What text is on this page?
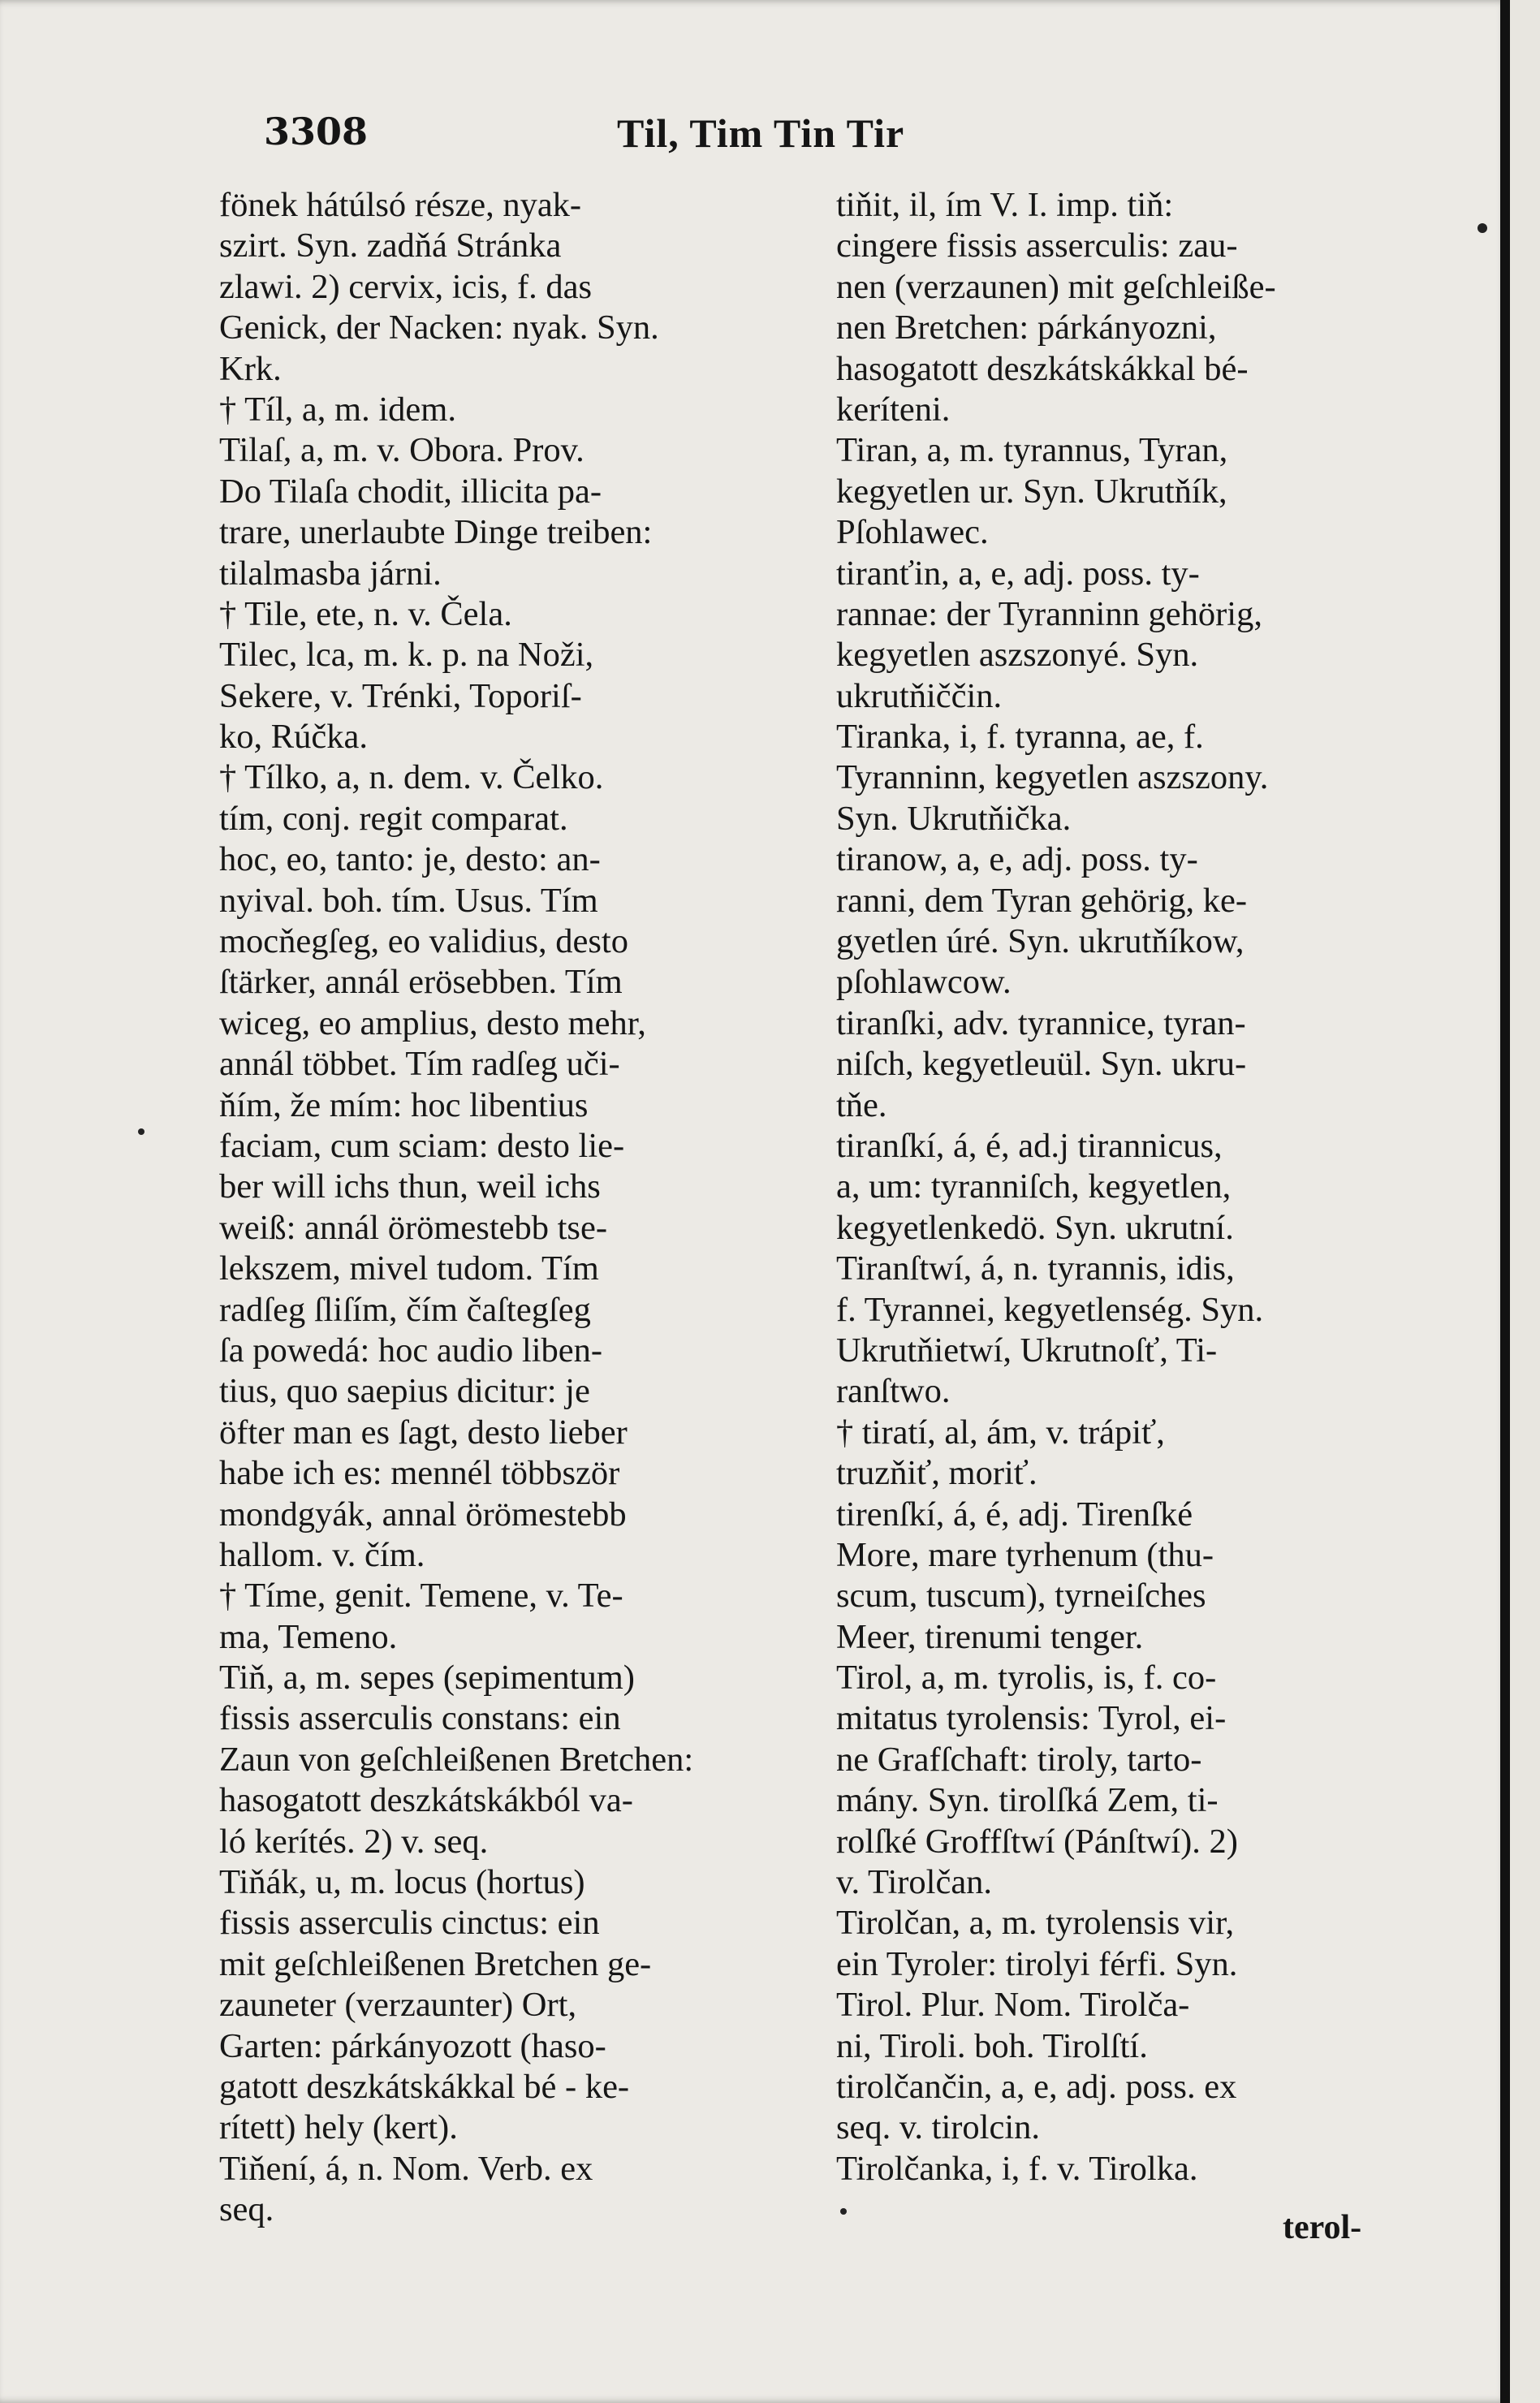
3308	Til, Tim Tin Tir
fönek hátúlsó része, nyak-
szirt. Syn. zadňá Stránka
zlawi. 2) cervix, icis, f. das
Genick, der Nacken: nyak. Syn.
Krk.
† Tíl, a, m. idem.
Tilaſ, a, m. v. Obora. Prov.
Do Tilaſa chodit, illicita pa-
trare, unerlaubte Dinge treiben:
tilalmasba járni.
† Tile, ete, n. v. Čela.
Tilec, lca, m. k. p. na Noži,
Sekere, v. Trénki, Toporiſ-
ko, Rúčka.
† Tílko, a, n. dem. v. Čelko.
tím, conj. regit comparat.
hoc, eo, tanto: je, desto: an-
nyival. boh. tím. Usus. Tím
mocňegſeg, eo validius, desto
ſtärker, annál erösebben. Tím
wiceg, eo amplius, desto mehr,
annál többet. Tím radſeg uči-
ňím, že mím: hoc libentius
faciam, cum sciam: desto lie-
ber will ichs thun, weil ichs
weiß: annál örömestebb tse-
lekszem, mivel tudom. Tím
radſeg ſliſím, čím čaſtegſeg
ſa powedá: hoc audio liben-
tius, quo saepius dicitur: je
öfter man es ſagt, desto lieber
habe ich es: mennél többször
mondgyák, annal örömestebb
hallom. v. čím.
† Tíme, genit. Temene, v. Te-
ma, Temeno.
Tiň, a, m. sepes (sepimentum)
fissis asserculis constans: ein
Zaun von geſchleißenen Bretchen:
hasogatott deszkátskákból va-
ló kerítés. 2) v. seq.
Tiňák, u, m. locus (hortus)
fissis asserculis cinctus: ein
mit geſchleißenen Bretchen ge-
zauneter (verzaunter) Ort,
Garten: párkányozott (haso-
gatott deszkátskákkal bé - ke-
rített) hely (kert).
Tiňení, á, n. Nom. Verb. ex
seq.
tiňit, il, ím V. I. imp. tiň:
cingere fissis asserculis: zau-
nen (verzaunen) mit geſchleiße-
nen Bretchen: párkányozni,
hasogatott deszkátskákkal bé-
keríteni.
Tiran, a, m. tyrannus, Tyran,
kegyetlen ur. Syn. Ukrutňík,
Pſohlawec.
tiranťin, a, e, adj. poss. ty-
rannae: der Tyranninn gehörig,
kegyetlen aszszonyé. Syn.
ukrutňiččin.
Tiranka, i, f. tyranna, ae, f.
Tyranninn, kegyetlen aszszony.
Syn. Ukrutňička.
tiranow, a, e, adj. poss. ty-
ranni, dem Tyran gehörig, ke-
gyetlen úré. Syn. ukrutňíkow,
pſohlawcow.
tiranſki, adv. tyrannice, tyran-
niſch, kegyetleuül. Syn. ukru-
tňe.
tiranſkí, á, é, ad.j tirannicus,
a, um: tyranniſch, kegyetlen,
kegyetlenkedö. Syn. ukrutní.
Tiranſtwí, á, n. tyrannis, idis,
f. Tyrannei, kegyetlenség. Syn.
Ukrutňietwí, Ukrutnoſť, Ti-
ranſtwo.
† tiratí, al, ám, v. trápiť,
truzňiť, moriť.
tirenſkí, á, é, adj. Tirenſké
More, mare tyrhenum (thu-
scum, tuscum), tyrneiſches
Meer, tirenumi tenger.
Tirol, a, m. tyrolis, is, f. co-
mitatus tyrolensis: Tyrol, ei-
ne Grafſchaft: tiroly, tarto-
mány. Syn. tirolſká Zem, ti-
rolſké Groffſtwí (Pánſtwí). 2)
v. Tirolčan.
Tirolčan, a, m. tyrolensis vir,
ein Tyroler: tirolyi férfi. Syn.
Tirol. Plur. Nom. Tirolča-
ni, Tiroli. boh. Tirolſtí.
tirolčančin, a, e, adj. poss. ex
seq. v. tirolcin.
Tirolčanka, i, f. v. Tirolka.
terol-
